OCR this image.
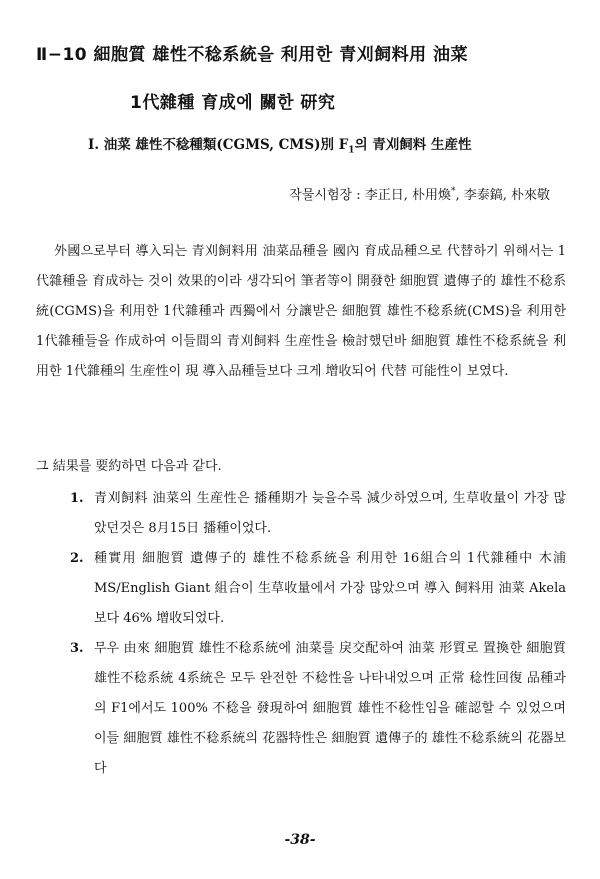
Ⅱ−10 細胞質 雄性不稔系統을 利用한 青刈飼料用 油菜
1代雜種 育成에 關한 研究
Ⅰ. 油菜 雄性不稔種類(CGMS, CMS)別 $F_1$의 青刈飼料 生産性
작물시험장 : 李正日, 朴用煥*, 李泰鎬, 朴來敬
外國으로부터 導入되는 青刈飼料用 油菜品種을 國內 育成品種으로 代替하기 위해서는 1代雜種을 育成하는 것이 效果的이라 생각되어 筆者等이 開發한 細胞質 遺傳子的 雄性不稔系統(CGMS)을 利用한 1代雜種과 西獨에서 分讓받은 細胞質 雄性不稔系統(CMS)을 利用한 1代雜種들을 作成하여 이들間의 青刈飼料 生産性을 檢討했던바 細胞質 雄性不稔系統을 利用한 1代雜種의 生産性이 現 導入品種들보다 크게 增收되어 代替 可能性이 보였다.
그 結果를 要約하면 다음과 같다.
1. 青刈飼料 油菜의 生産性은 播種期가 늦을수록 減少하였으며, 生草收量이 가장 많았던것은 8月15日 播種이었다.
2. 種實用 細胞質 遺傳子的 雄性不稔系統을 利用한 16組合의 1代雜種中 木浦MS/English Giant 組合이 生草收量에서 가장 많았으며 導入 飼料用 油菜 Akela 보다 46% 增收되었다.
3. 무우 由來 細胞質 雄性不稔系統에 油菜를 戾交配하여 油菜 形質로 置換한 細胞質 雄性不稔系統 4系統은 모두 완전한 不稔性을 나타내었으며 正常 稔性回復 品種과의 F1에서도 100% 不稔을 發現하여 細胞質 雄性不稔性임을 確認할 수 있었으며 이들 細胞質 雄性不稔系統의 花器特性은 細胞質 遺傳子的 雄性不稔系統의 花器보다
-38-
